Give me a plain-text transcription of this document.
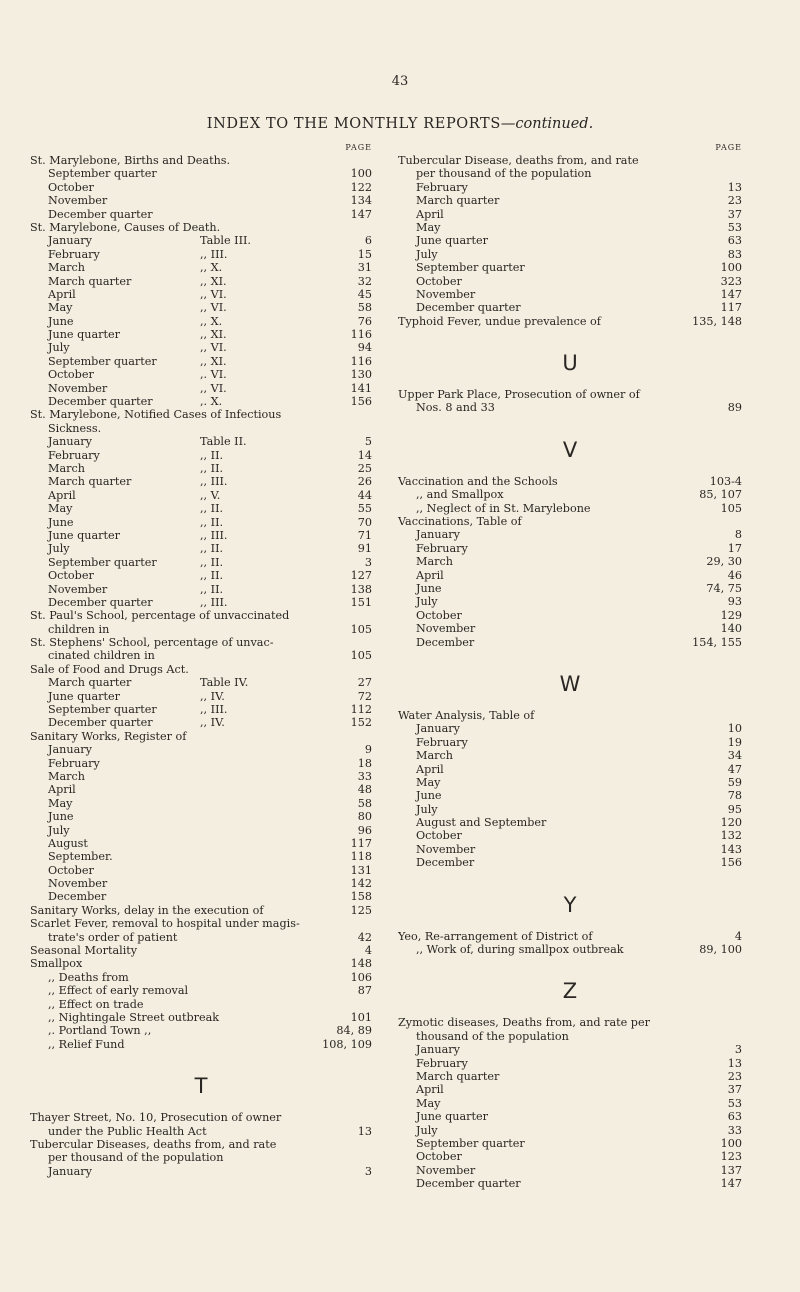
43
INDEX TO THE MONTHLY REPORTS—continued.
PAGE
St. Marylebone, Births and Deaths.
September quarter	100
October	122
November	134
December quarter	147
St. Marylebone, Causes of Death.
January	Table III.	6
February	,, III.	15
March	,, X.	31
March quarter	,, XI.	32
April	,, VI.	45
May	,, VI.	58
June	,, X.	76
June quarter	,, XI.	116
July	,, VI.	94
September quarter	,, XI.	116
October	,. VI.	130
November	,, VI.	141
December quarter	,. X.	156
St. Marylebone, Notified Cases of Infectious
Sickness.
January	Table II.	5
February	,, II.	14
March	,, II.	25
March quarter	,, III.	26
April	,, V.	44
May	,, II.	55
June	,, II.	70
June quarter	,, III.	71
July	,, II.	91
September quarter	,, II.	3
October	,, II.	127
November	,, II.	138
December quarter	,, III.	151
St. Paul's School, percentage of unvaccinated
children in	105
St. Stephens' School, percentage of unvac-
cinated children in	105
Sale of Food and Drugs Act.
March quarter	Table IV.	27
June quarter	,, IV.	72
September quarter	,, III.	112
December quarter	,, IV.	152
Sanitary Works, Register of
January	9
February	18
March	33
April	48
May	58
June	80
July	96
August	117
September.	118
October	131
November	142
December	158
Sanitary Works, delay in the execution of	125
Scarlet Fever, removal to hospital under magis-
trate's order of patient	42
Seasonal Mortality	4
Smallpox	148
,, Deaths from	106
,, Effect of early removal	87
,, Effect on trade
,, Nightingale Street outbreak	101
,. Portland Town ,,	84, 89
,, Relief Fund	108, 109
T
Thayer Street, No. 10, Prosecution of owner
under the Public Health Act	13
Tubercular Diseases, deaths from, and rate
per thousand of the population
January	3
PAGE
Tubercular Disease, deaths from, and rate
per thousand of the population
February	13
March quarter	23
April	37
May	53
June quarter	63
July	83
September quarter	100
October	323
November	147
December quarter	117
Typhoid Fever, undue prevalence of	135, 148
U
Upper Park Place, Prosecution of owner of
Nos. 8 and 33	89
V
Vaccination and the Schools	103-4
,, and Smallpox	85, 107
,, Neglect of in St. Marylebone	105
Vaccinations, Table of
January	8
February	17
March	29, 30
April	46
June	74, 75
July	93
October	129
November	140
December	154, 155
W
Water Analysis, Table of
January	10
February	19
March	34
April	47
May	59
June	78
July	95
August and September	120
October	132
November	143
December	156
Y
Yeo, Re-arrangement of District of	4
,, Work of, during smallpox outbreak	89, 100
Z
Zymotic diseases, Deaths from, and rate per
thousand of the population
January	3
February	13
March quarter	23
April	37
May	53
June quarter	63
July	33
September quarter	100
October	123
November	137
December quarter	147
